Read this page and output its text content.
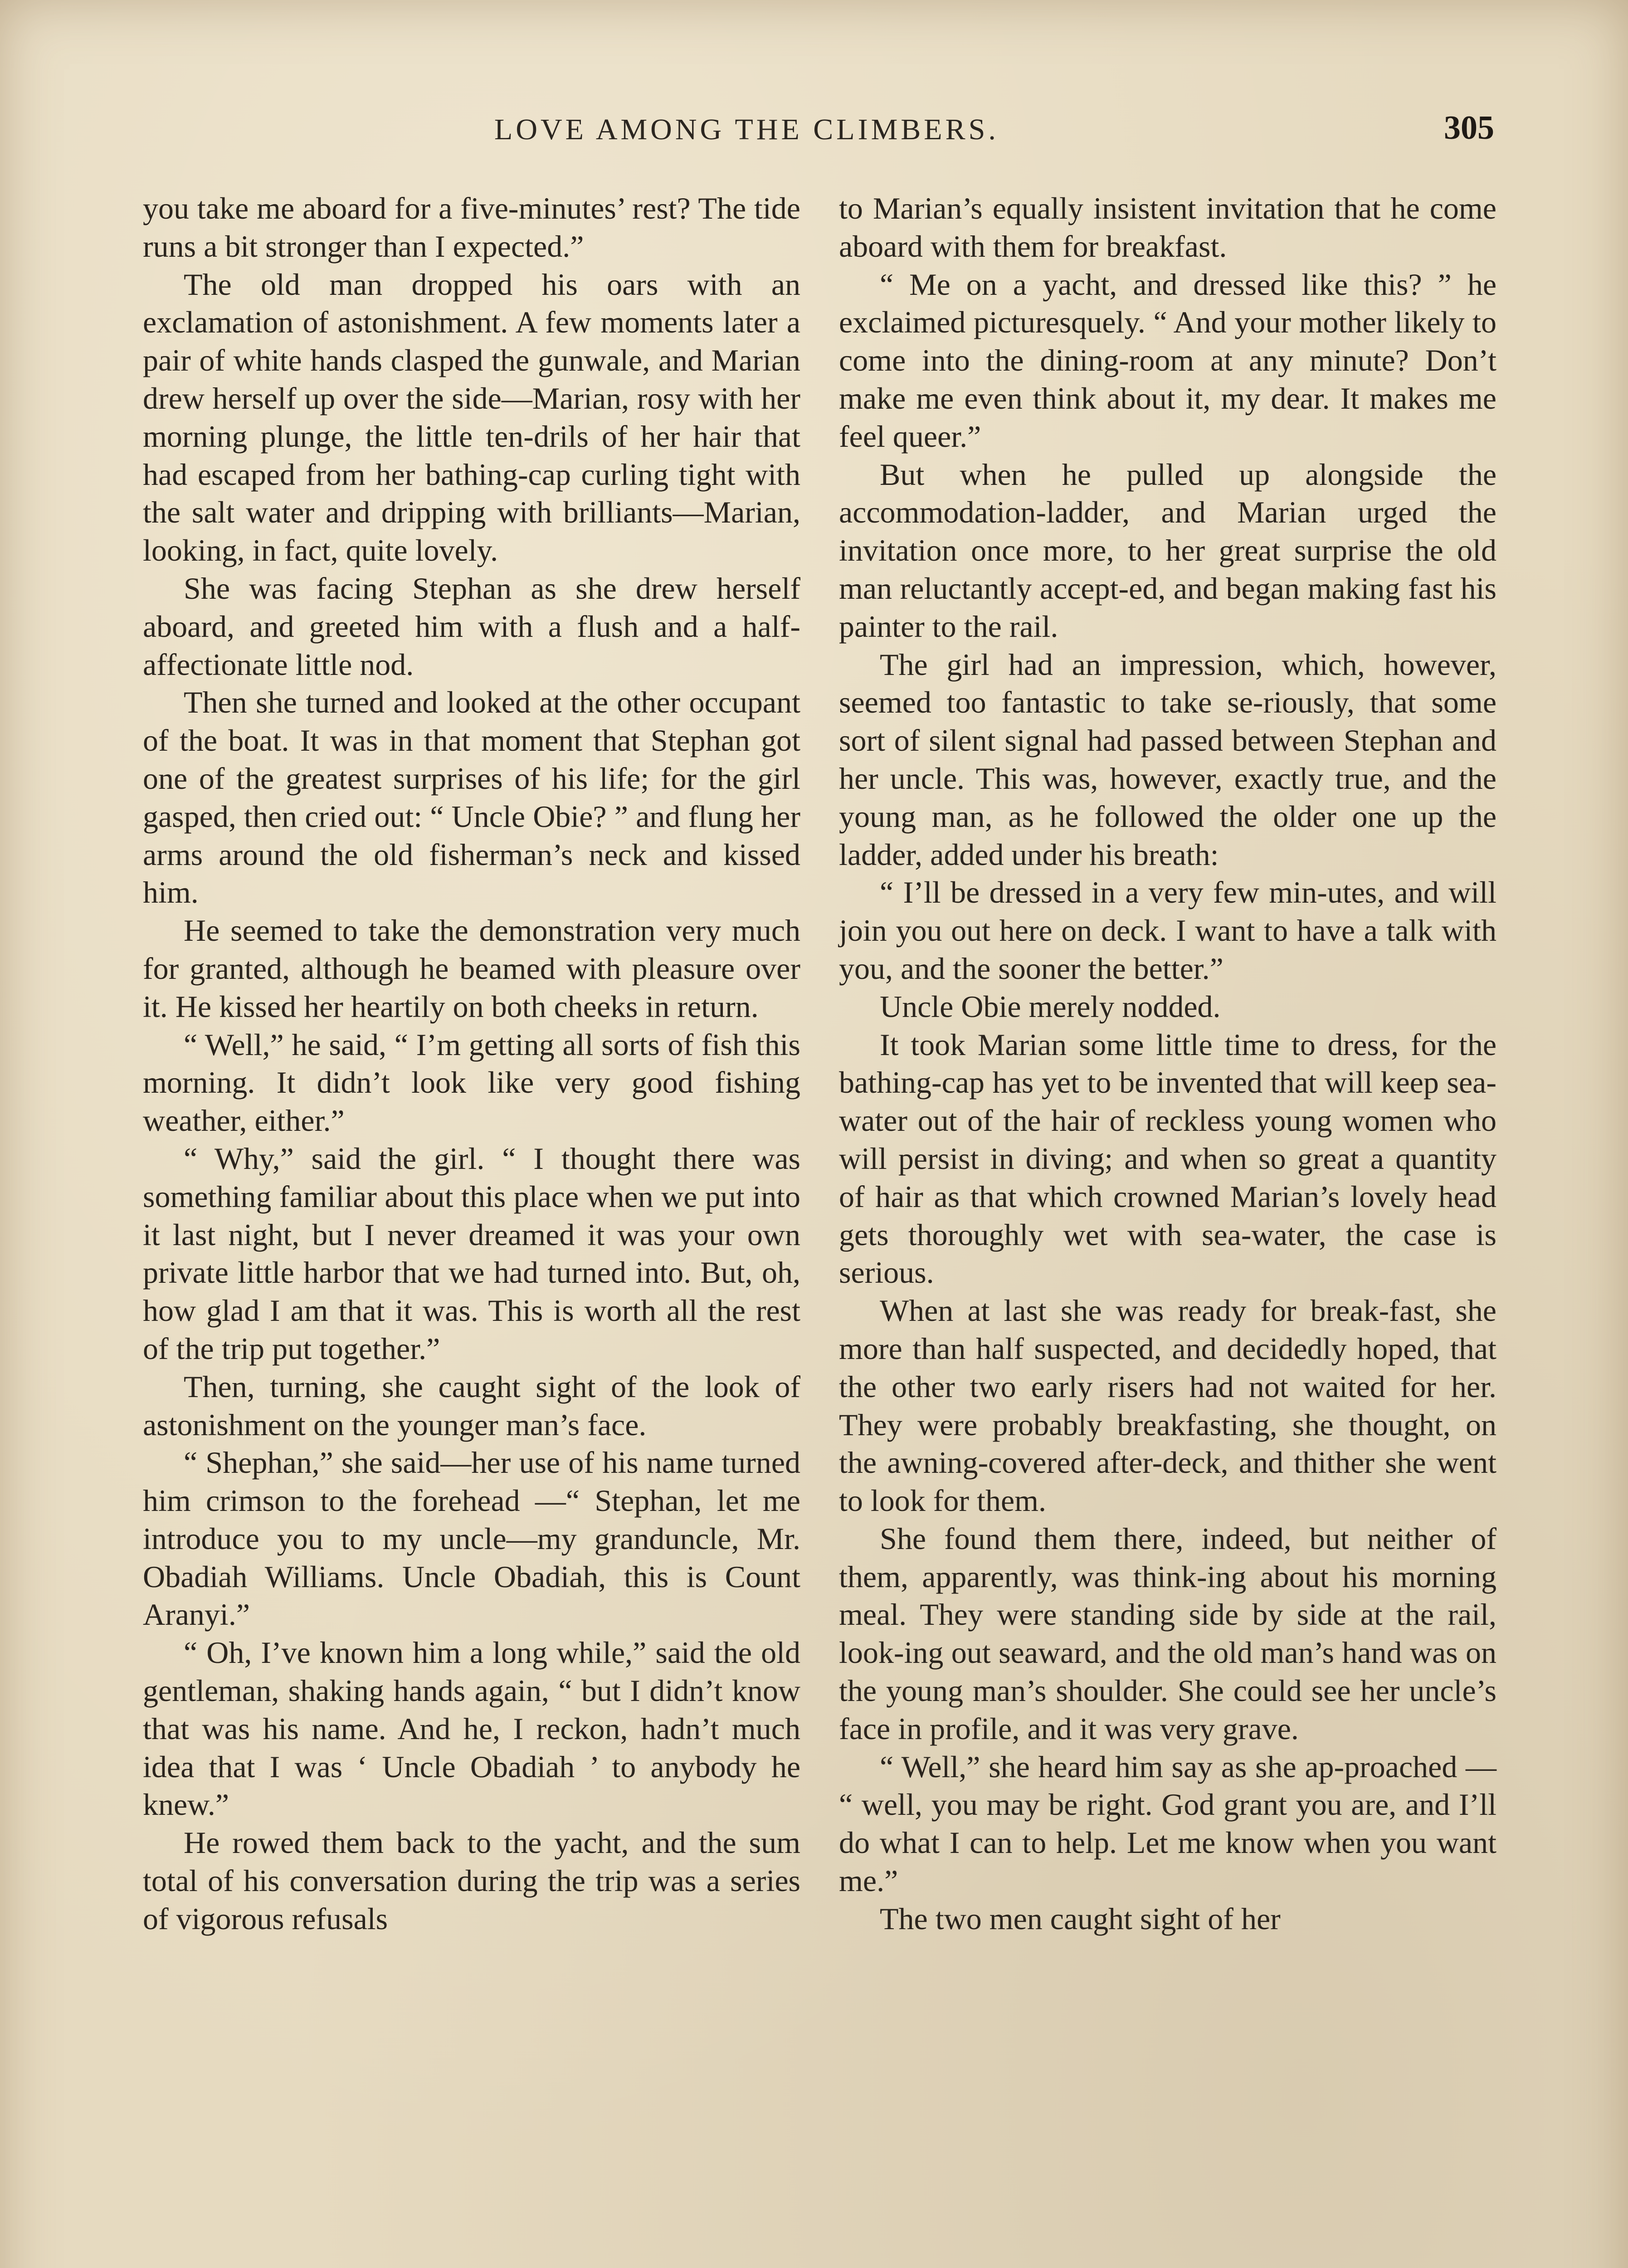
LOVE AMONG THE CLIMBERS.	305

you take me aboard for a five-minutes’ rest? The tide runs a bit stronger than I expected.”

The old man dropped his oars with an exclamation of astonishment. A few moments later a pair of white hands clasped the gunwale, and Marian drew herself up over the side—Marian, rosy with her morning plunge, the little ten-drils of her hair that had escaped from her bathing-cap curling tight with the salt water and dripping with brilliants—Marian, looking, in fact, quite lovely.

She was facing Stephan as she drew herself aboard, and greeted him with a flush and a half-affectionate little nod.

Then she turned and looked at the other occupant of the boat. It was in that moment that Stephan got one of the greatest surprises of his life; for the girl gasped, then cried out: “ Uncle Obie? ” and flung her arms around the old fisherman’s neck and kissed him.

He seemed to take the demonstration very much for granted, although he beamed with pleasure over it. He kissed her heartily on both cheeks in return.

“ Well,” he said, “ I’m getting all sorts of fish this morning. It didn’t look like very good fishing weather, either.”

“ Why,” said the girl. “ I thought there was something familiar about this place when we put into it last night, but I never dreamed it was your own private little harbor that we had turned into. But, oh, how glad I am that it was. This is worth all the rest of the trip put together.”

Then, turning, she caught sight of the look of astonishment on the younger man’s face.

“ Shephan,” she said—her use of his name turned him crimson to the forehead —“ Stephan, let me introduce you to my uncle—my granduncle, Mr. Obadiah Williams. Uncle Obadiah, this is Count Aranyi.”

“ Oh, I’ve known him a long while,” said the old gentleman, shaking hands again, “ but I didn’t know that was his name. And he, I reckon, hadn’t much idea that I was ‘ Uncle Obadiah ’ to anybody he knew.”

He rowed them back to the yacht, and the sum total of his conversation during the trip was a series of vigorous refusals

to Marian’s equally insistent invitation that he come aboard with them for breakfast.

“ Me on a yacht, and dressed like this? ” he exclaimed picturesquely. “ And your mother likely to come into the dining-room at any minute? Don’t make me even think about it, my dear. It makes me feel queer.”

But when he pulled up alongside the accommodation-ladder, and Marian urged the invitation once more, to her great surprise the old man reluctantly accept-ed, and began making fast his painter to the rail.

The girl had an impression, which, however, seemed too fantastic to take se-riously, that some sort of silent signal had passed between Stephan and her uncle. This was, however, exactly true, and the young man, as he followed the older one up the ladder, added under his breath:

“ I’ll be dressed in a very few min-utes, and will join you out here on deck. I want to have a talk with you, and the sooner the better.”

Uncle Obie merely nodded.

It took Marian some little time to dress, for the bathing-cap has yet to be invented that will keep sea-water out of the hair of reckless young women who will persist in diving; and when so great a quantity of hair as that which crowned Marian’s lovely head gets thoroughly wet with sea-water, the case is serious.

When at last she was ready for break-fast, she more than half suspected, and decidedly hoped, that the other two early risers had not waited for her. They were probably breakfasting, she thought, on the awning-covered after-deck, and thither she went to look for them.

She found them there, indeed, but neither of them, apparently, was think-ing about his morning meal. They were standing side by side at the rail, look-ing out seaward, and the old man’s hand was on the young man’s shoulder. She could see her uncle’s face in profile, and it was very grave.

“ Well,” she heard him say as she ap-proached — “ well, you may be right. God grant you are, and I’ll do what I can to help. Let me know when you want me.”

The two men caught sight of her
